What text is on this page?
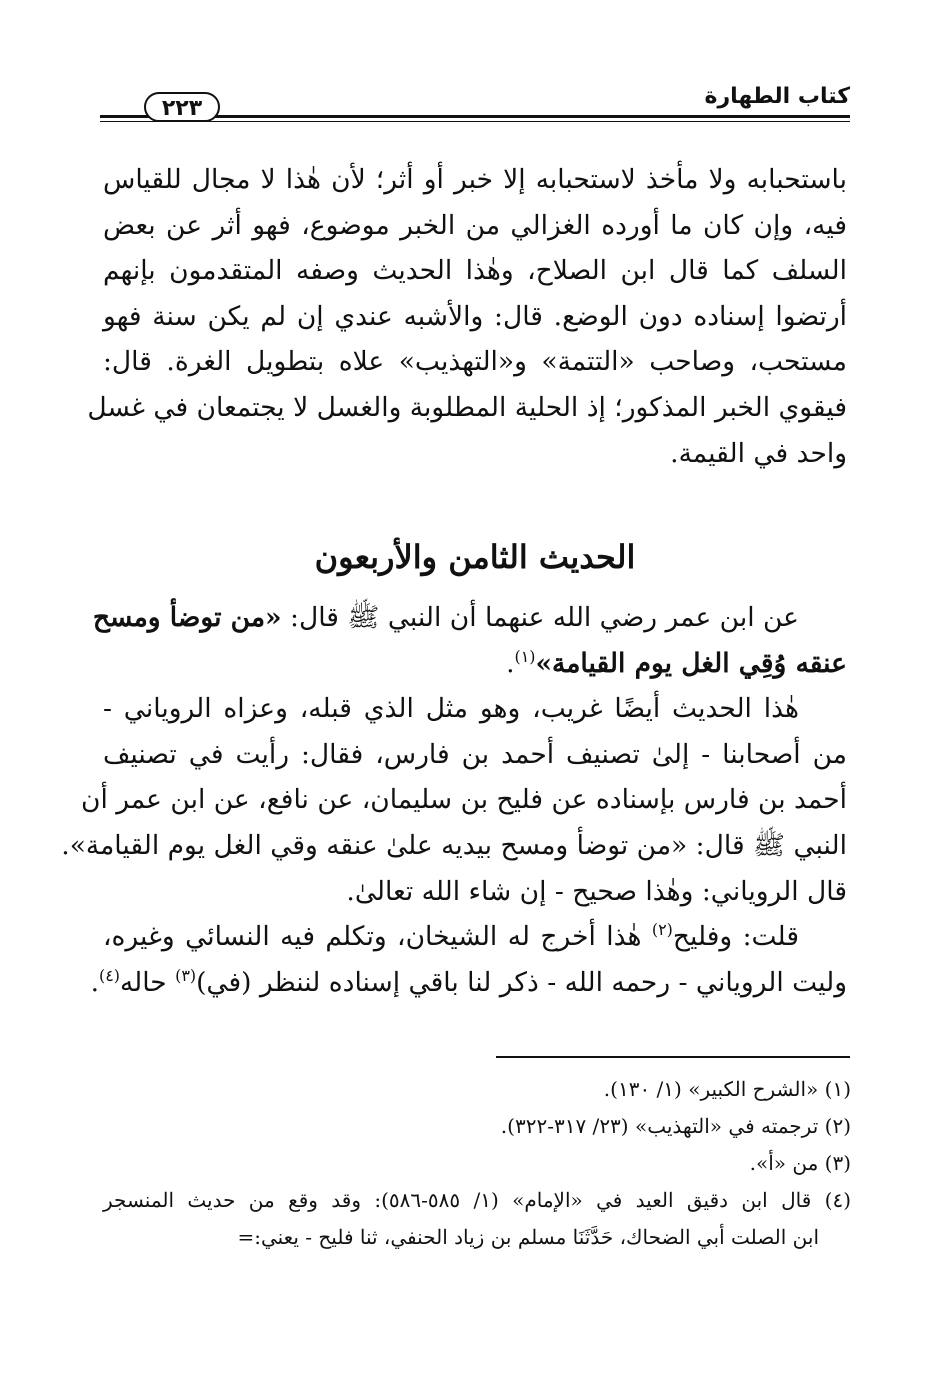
كتاب الطهارة
٢٢٣
باستحبابه ولا مأخذ لاستحبابه إلا خبر أو أثر؛ لأن هٰذا لا مجال للقياس
فيه، وإن كان ما أورده الغزالي من الخبر موضوع، فهو أثر عن بعض
السلف كما قال ابن الصلاح، وهٰذا الحديث وصفه المتقدمون بإنهم
أرتضوا إسناده دون الوضع. قال: والأشبه عندي إن لم يكن سنة فهو
مستحب، وصاحب «التتمة» و«التهذيب» علاه بتطويل الغرة. قال:
فيقوي الخبر المذكور؛ إذ الحلية المطلوبة والغسل لا يجتمعان في غسل
واحد في القيمة.
الحديث الثامن والأربعون
عن ابن عمر رضي الله عنهما أن النبي ﷺ قال: «من توضأ ومسح
عنقه وُقِي الغل يوم القيامة»$^{(١)}$.
هٰذا الحديث أيضًا غريب، وهو مثل الذي قبله، وعزاه الروياني -
من أصحابنا - إلىٰ تصنيف أحمد بن فارس، فقال: رأيت في تصنيف
أحمد بن فارس بإسناده عن فليح بن سليمان، عن نافع، عن ابن عمر أن
النبي ﷺ قال: «من توضأ ومسح بيديه علىٰ عنقه وقي الغل يوم القيامة».
قال الروياني: وهٰذا صحيح - إن شاء الله تعالىٰ.
قلت: وفليح$^{(٢)}$ هٰذا أخرج له الشيخان، وتكلم فيه النسائي وغيره،
وليت الروياني - رحمه الله - ذكر لنا باقي إسناده لننظر (في)$^{(٣)}$ حاله$^{(٤)}$.
(١) «الشرح الكبير» (١/ ١٣٠).
(٢) ترجمته في «التهذيب» (٢٣/ ٣١٧-٣٢٢).
(٣) من «أ».
(٤) قال ابن دقيق العيد في «الإمام» (١/ ٥٨٥-٥٨٦): وقد وقع من حديث المنسجر
ابن الصلت أبي الضحاك، حَدَّثَنَا مسلم بن زياد الحنفي، ثنا فليح - يعني:=
